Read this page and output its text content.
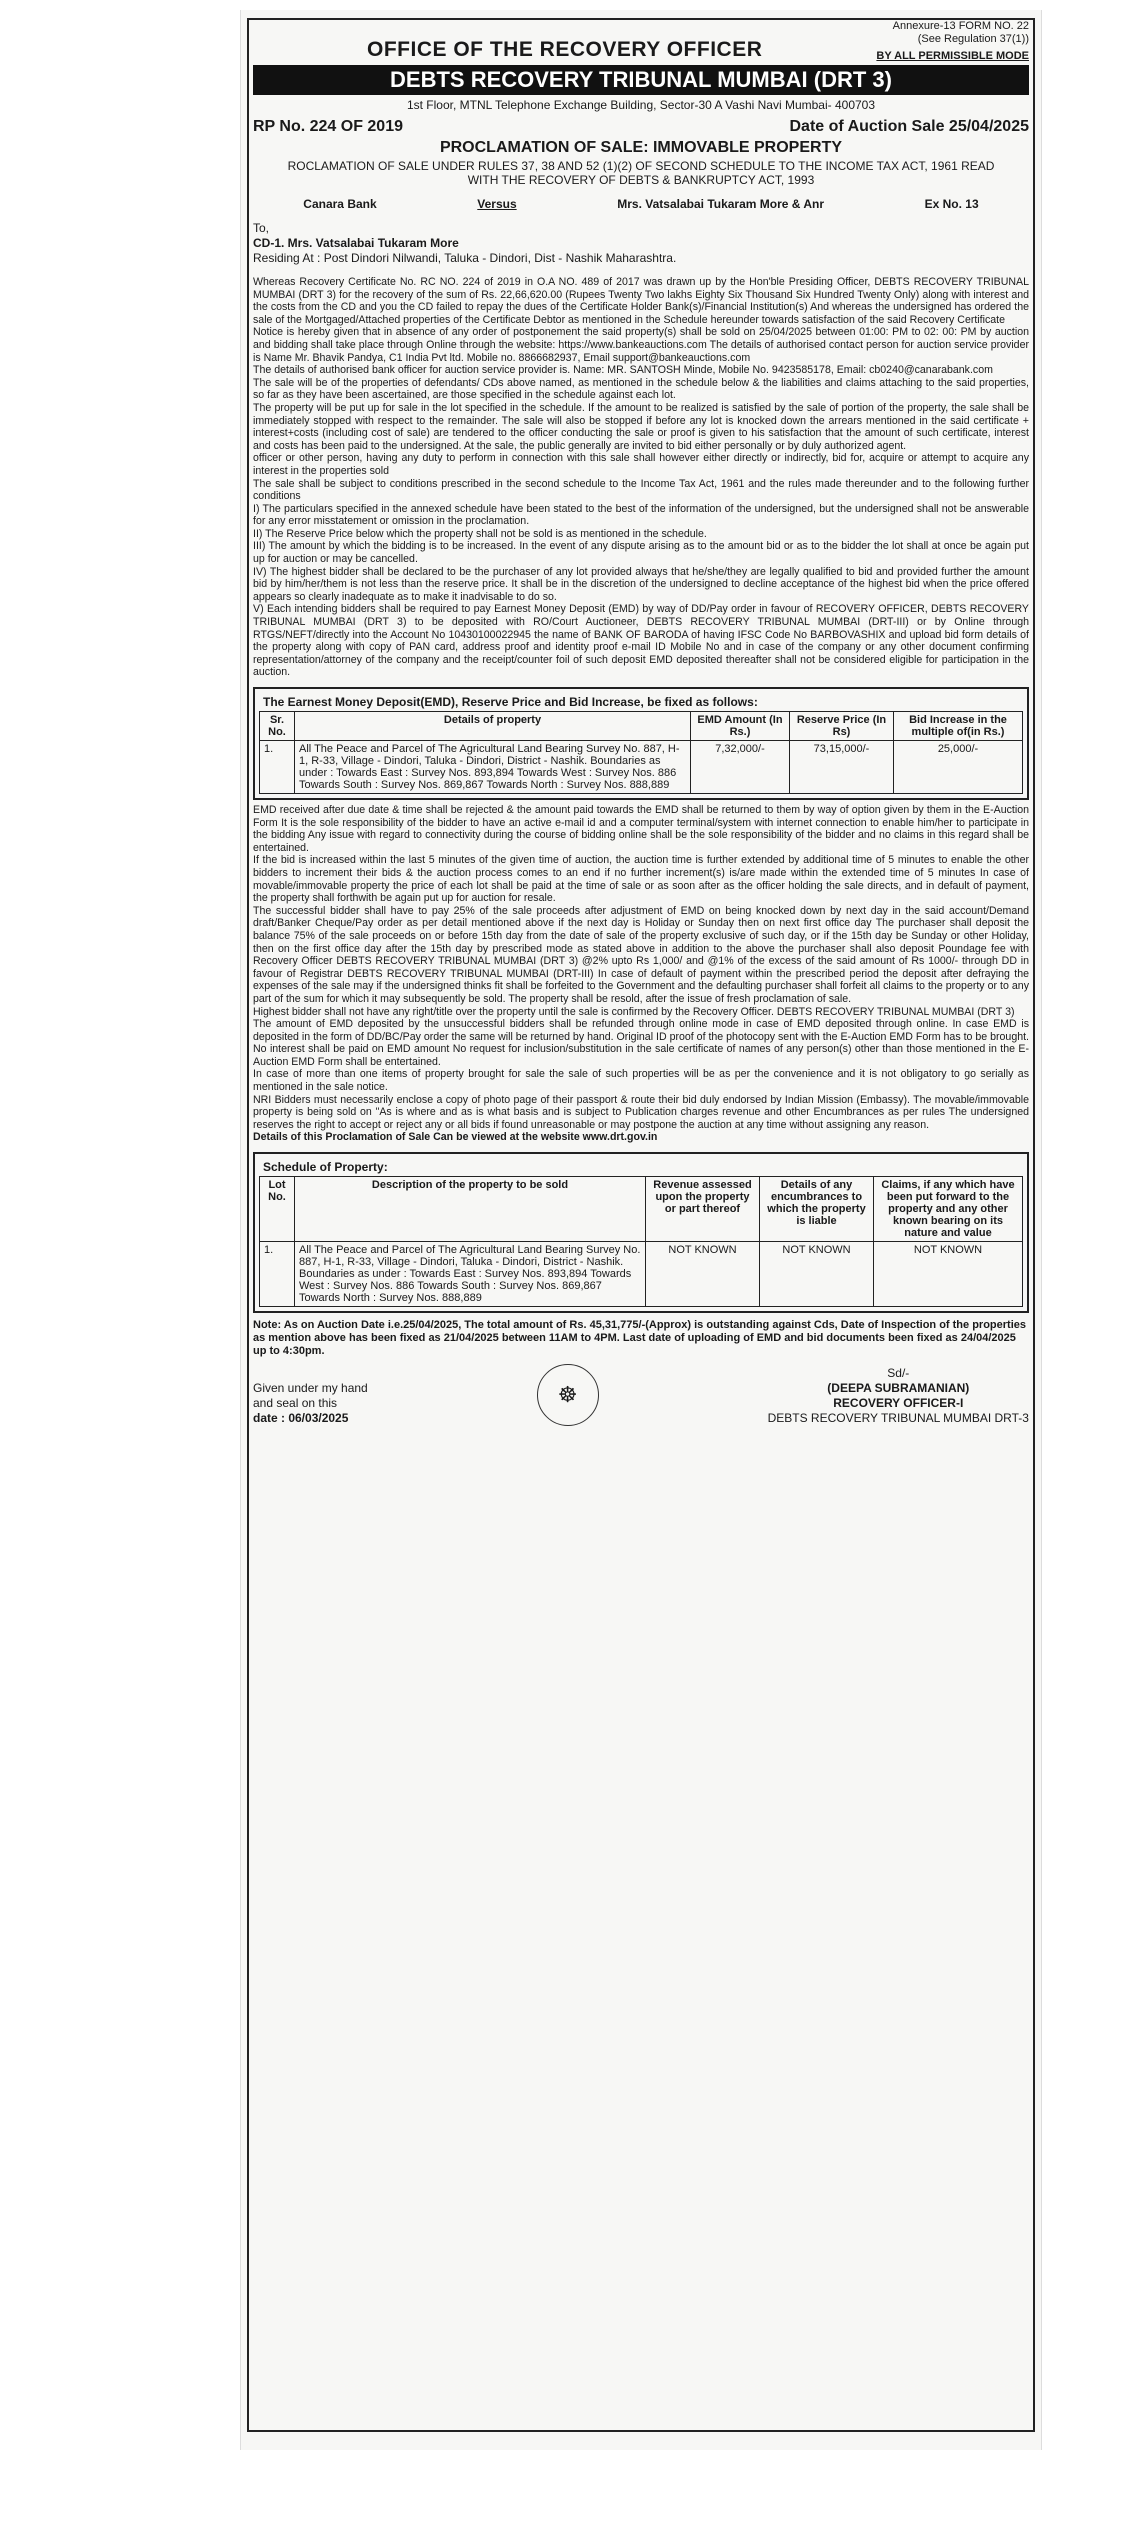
Annexure-13 FORM NO. 22
(See Regulation 37(1))
OFFICE OF THE RECOVERY OFFICER	BY ALL PERMISSIBLE MODE
DEBTS RECOVERY TRIBUNAL MUMBAI (DRT 3)
1st Floor, MTNL Telephone Exchange Building, Sector-30 A Vashi Navi Mumbai- 400703
RP No. 224 OF 2019	Date of Auction Sale 25/04/2025
PROCLAMATION OF SALE: IMMOVABLE PROPERTY
ROCLAMATION OF SALE UNDER RULES 37, 38 AND 52 (1)(2) OF SECOND SCHEDULE TO THE INCOME TAX ACT, 1961 READ WITH THE RECOVERY OF DEBTS & BANKRUPTCY ACT, 1993
Canara Bank	Versus	Mrs. Vatsalabai Tukaram More & Anr	Ex No. 13
To,
CD-1. Mrs. Vatsalabai Tukaram More
Residing At : Post Dindori Nilwandi, Taluka - Dindori, Dist - Nashik Maharashtra.

Whereas Recovery Certificate No. RC NO. 224 of 2019 in O.A NO. 489 of 2017 was drawn up by the Hon'ble Presiding Officer, DEBTS RECOVERY TRIBUNAL MUMBAI (DRT 3) for the recovery of the sum of Rs. 22,66,620.00 (Rupees Twenty Two lakhs Eighty Six Thousand Six Hundred Twenty Only) along with interest and the costs from the CD and you the CD failed to repay the dues of the Certificate Holder Bank(s)/Financial Institution(s) And whereas the undersigned has ordered the sale of the Mortgaged/Attached properties of the Certificate Debtor as mentioned in the Schedule hereunder towards satisfaction of the said Recovery Certificate

Notice is hereby given that in absence of any order of postponement the said property(s) shall be sold on 25/04/2025 between 01:00: PM to 02: 00: PM by auction and bidding shall take place through Online through the website: https://www.bankeauctions.com The details of authorised contact person for auction service provider is Name Mr. Bhavik Pandya, C1 India Pvt ltd. Mobile no. 8866682937, Email support@bankeauctions.com

The details of authorised bank officer for auction service provider is. Name: MR. SANTOSH Minde, Mobile No. 9423585178, Email: cb0240@canarabank.com

The sale will be of the properties of defendants/ CDs above named, as mentioned in the schedule below & the liabilities and claims attaching to the said properties, so far as they have been ascertained, are those specified in the schedule against each lot.

The property will be put up for sale in the lot specified in the schedule. If the amount to be realized is satisfied by the sale of portion of the property, the sale shall be immediately stopped with respect to the remainder. The sale will also be stopped if before any lot is knocked down the arrears mentioned in the said certificate + interest+costs (including cost of sale) are tendered to the officer conducting the sale or proof is given to his satisfaction that the amount of such certificate, interest and costs has been paid to the undersigned. At the sale, the public generally are invited to bid either personally or by duly authorized agent.

officer or other person, having any duty to perform in connection with this sale shall however either directly or indirectly, bid for, acquire or attempt to acquire any interest in the properties sold

The sale shall be subject to conditions prescribed in the second schedule to the Income Tax Act, 1961 and the rules made thereunder and to the following further conditions

I) The particulars specified in the annexed schedule have been stated to the best of the information of the undersigned, but the undersigned shall not be answerable for any error misstatement or omission in the proclamation.

II) The Reserve Price below which the property shall not be sold is as mentioned in the schedule.

III) The amount by which the bidding is to be increased. In the event of any dispute arising as to the amount bid or as to the bidder the lot shall at once be again put up for auction or may be cancelled.

IV) The highest bidder shall be declared to be the purchaser of any lot provided always that he/she/they are legally qualified to bid and provided further the amount bid by him/her/them is not less than the reserve price. It shall be in the discretion of the undersigned to decline acceptance of the highest bid when the price offered appears so clearly inadequate as to make it inadvisable to do so.

V) Each intending bidders shall be required to pay Earnest Money Deposit (EMD) by way of DD/Pay order in favour of RECOVERY OFFICER, DEBTS RECOVERY TRIBUNAL MUMBAI (DRT 3) to be deposited with RO/Court Auctioneer, DEBTS RECOVERY TRIBUNAL MUMBAI (DRT-III) or by Online through RTGS/NEFT/directly into the Account No 10430100022945 the name of BANK OF BARODA of having IFSC Code No BARBOVASHIX and upload bid form details of the property along with copy of PAN card, address proof and identity proof e-mail ID Mobile No and in case of the company or any other document confirming representation/attorney of the company and the receipt/counter foil of such deposit EMD deposited thereafter shall not be considered eligible for participation in the auction.

The Earnest Money Deposit(EMD), Reserve Price and Bid Increase, be fixed as follows:
Sr. No.	Details of property	EMD Amount (In Rs.)	Reserve Price (In Rs)	Bid Increase in the multiple of(in Rs.)
1.	All The Peace and Parcel of The Agricultural Land Bearing Survey No. 887, H-1, R-33, Village - Dindori, Taluka - Dindori, District - Nashik. Boundaries as under : Towards East : Survey Nos. 893,894 Towards West : Survey Nos. 886 Towards South : Survey Nos. 869,867 Towards North : Survey Nos. 888,889	7,32,000/-	73,15,000/-	25,000/-

EMD received after due date & time shall be rejected & the amount paid towards the EMD shall be returned to them by way of option given by them in the E-Auction Form It is the sole responsibility of the bidder to have an active e-mail id and a computer terminal/system with internet connection to enable him/her to participate in the bidding Any issue with regard to connectivity during the course of bidding online shall be the sole responsibility of the bidder and no claims in this regard shall be entertained.

If the bid is increased within the last 5 minutes of the given time of auction, the auction time is further extended by additional time of 5 minutes to enable the other bidders to increment their bids & the auction process comes to an end if no further increment(s) is/are made within the extended time of 5 minutes In case of movable/immovable property the price of each lot shall be paid at the time of sale or as soon after as the officer holding the sale directs, and in default of payment, the property shall forthwith be again put up for auction for resale.

The successful bidder shall have to pay 25% of the sale proceeds after adjustment of EMD on being knocked down by next day in the said account/Demand draft/Banker Cheque/Pay order as per detail mentioned above if the next day is Holiday or Sunday then on next first office day The purchaser shall deposit the balance 75% of the sale proceeds on or before 15th day from the date of sale of the property exclusive of such day, or if the 15th day be Sunday or other Holiday, then on the first office day after the 15th day by prescribed mode as stated above in addition to the above the purchaser shall also deposit Poundage fee with Recovery Officer DEBTS RECOVERY TRIBUNAL MUMBAI (DRT 3) @2% upto Rs 1,000/ and @1% of the excess of the said amount of Rs 1000/- through DD in favour of Registrar DEBTS RECOVERY TRIBUNAL MUMBAI (DRT-III) In case of default of payment within the prescribed period the deposit after defraying the expenses of the sale may if the undersigned thinks fit shall be forfeited to the Government and the defaulting purchaser shall forfeit all claims to the property or to any part of the sum for which it may subsequently be sold. The property shall be resold, after the issue of fresh proclamation of sale.

Highest bidder shall not have any right/title over the property until the sale is confirmed by the Recovery Officer. DEBTS RECOVERY TRIBUNAL MUMBAI (DRT 3)

The amount of EMD deposited by the unsuccessful bidders shall be refunded through online mode in case of EMD deposited through online. In case EMD is deposited in the form of DD/BC/Pay order the same will be returned by hand. Original ID proof of the photocopy sent with the E-Auction EMD Form has to be brought. No interest shall be paid on EMD amount No request for inclusion/substitution in the sale certificate of names of any person(s) other than those mentioned in the E-Auction EMD Form shall be entertained.

In case of more than one items of property brought for sale the sale of such properties will be as per the convenience and it is not obligatory to go serially as mentioned in the sale notice.

NRI Bidders must necessarily enclose a copy of photo page of their passport & route their bid duly endorsed by Indian Mission (Embassy). The movable/immovable property is being sold on "As is where and as is what basis and is subject to Publication charges revenue and other Encumbrances as per rules The undersigned reserves the right to accept or reject any or all bids if found unreasonable or may postpone the auction at any time without assigning any reason.

Details of this Proclamation of Sale Can be viewed at the website www.drt.gov.in

Schedule of Property:
Lot No.	Description of the property to be sold	Revenue assessed upon the property or part thereof	Details of any encumbrances to which the property is liable	Claims, if any which have been put forward to the property and any other known bearing on its nature and value
1.	All The Peace and Parcel of The Agricultural Land Bearing Survey No. 887, H-1, R-33, Village - Dindori, Taluka - Dindori, District - Nashik. Boundaries as under : Towards East : Survey Nos. 893,894 Towards West : Survey Nos. 886 Towards South : Survey Nos. 869,867 Towards North : Survey Nos. 888,889	NOT KNOWN	NOT KNOWN	NOT KNOWN
Note: As on Auction Date i.e.25/04/2025, The total amount of Rs. 45,31,775/-(Approx) is outstanding against Cds, Date of Inspection of the properties as mention above has been fixed as 21/04/2025 between 11AM to 4PM. Last date of uploading of EMD and bid documents been fixed as 24/04/2025 up to 4:30pm.
Given under my hand
and seal on this
date : 06/03/2025
☸
Sd/-
(DEEPA SUBRAMANIAN)
RECOVERY OFFICER-I
DEBTS RECOVERY TRIBUNAL MUMBAI DRT-3
